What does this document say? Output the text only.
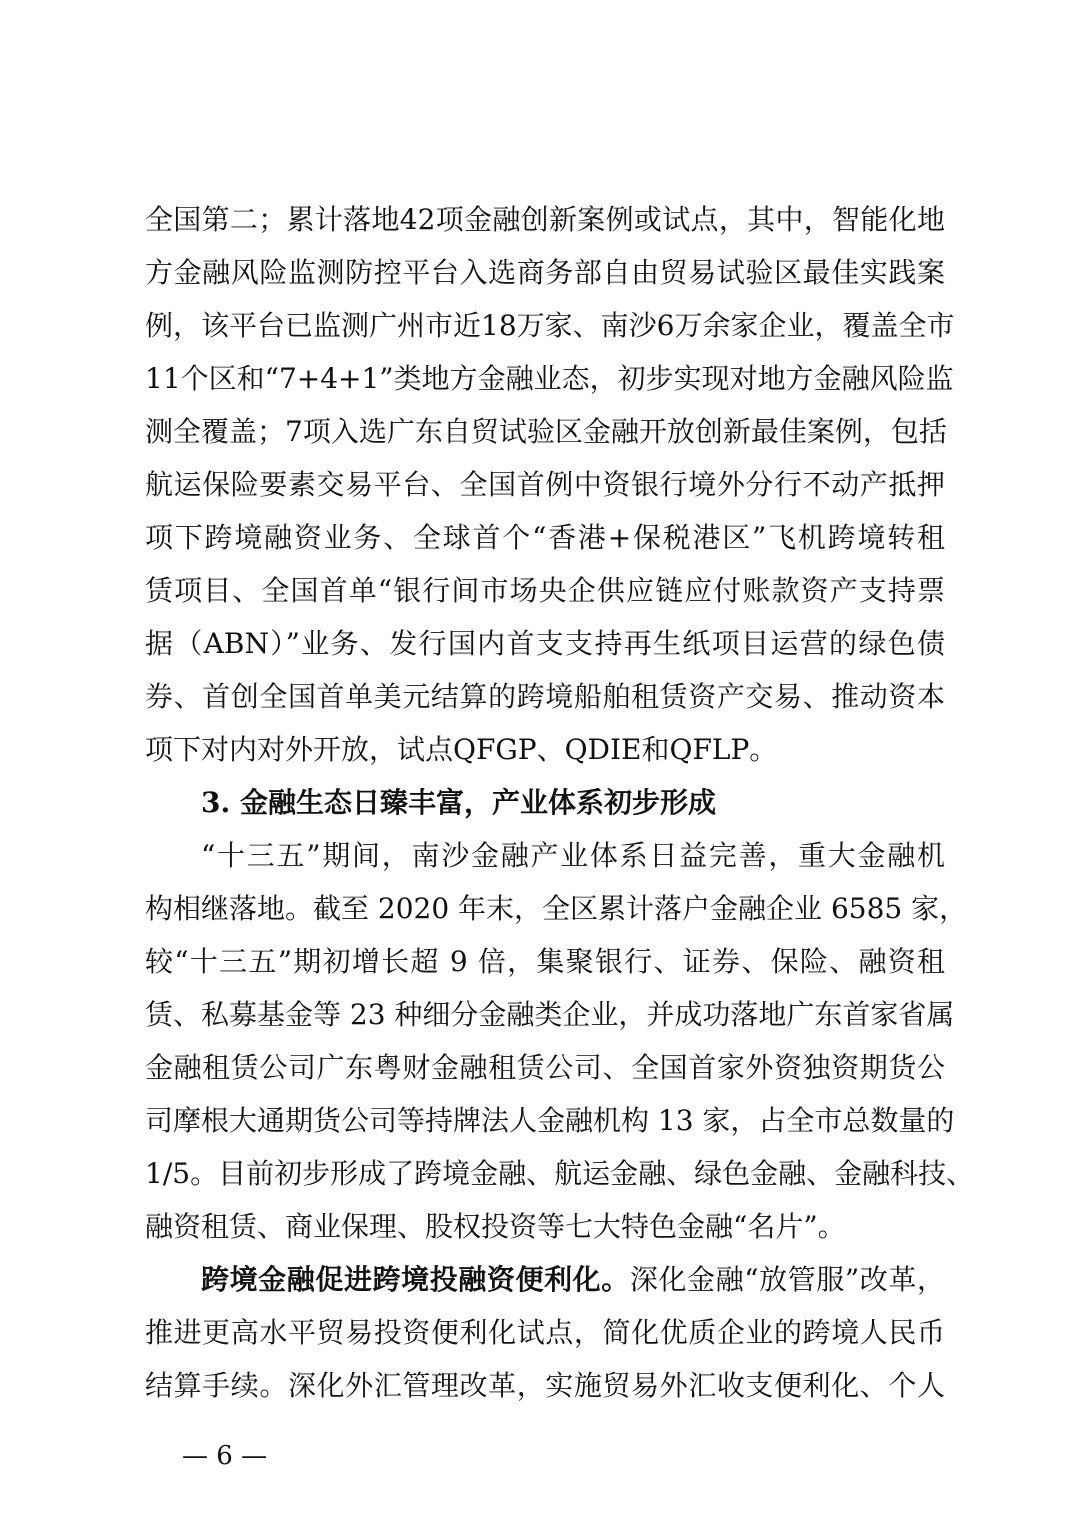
全国第二；累计落地42项金融创新案例或试点，其中，智能化地
方金融风险监测防控平台入选商务部自由贸易试验区最佳实践案
例，该平台已监测广州市近18万家、南沙6万余家企业，覆盖全市
11个区和“7+4+1”类地方金融业态，初步实现对地方金融风险监
测全覆盖；7项入选广东自贸试验区金融开放创新最佳案例，包括
航运保险要素交易平台、全国首例中资银行境外分行不动产抵押
项下跨境融资业务、全球首个“香港+保税港区”飞机跨境转租
赁项目、全国首单“银行间市场央企供应链应付账款资产支持票
据（ABN）”业务、发行国内首支支持再生纸项目运营的绿色债
券、首创全国首单美元结算的跨境船舶租赁资产交易、推动资本
项下对内对外开放，试点QFGP、QDIE和QFLP。
3. 金融生态日臻丰富，产业体系初步形成
“十三五”期间，南沙金融产业体系日益完善，重大金融机
构相继落地。截至 2020 年末，全区累计落户金融企业 6585 家，
较“十三五”期初增长超 9 倍，集聚银行、证券、保险、融资租
赁、私募基金等 23 种细分金融类企业，并成功落地广东首家省属
金融租赁公司广东粤财金融租赁公司、全国首家外资独资期货公
司摩根大通期货公司等持牌法人金融机构 13 家，占全市总数量的
1/5。目前初步形成了跨境金融、航运金融、绿色金融、金融科技、
融资租赁、商业保理、股权投资等七大特色金融“名片”。
跨境金融促进跨境投融资便利化。深化金融“放管服”改革，
推进更高水平贸易投资便利化试点，简化优质企业的跨境人民币
结算手续。深化外汇管理改革，实施贸易外汇收支便利化、个人
— 6 —
